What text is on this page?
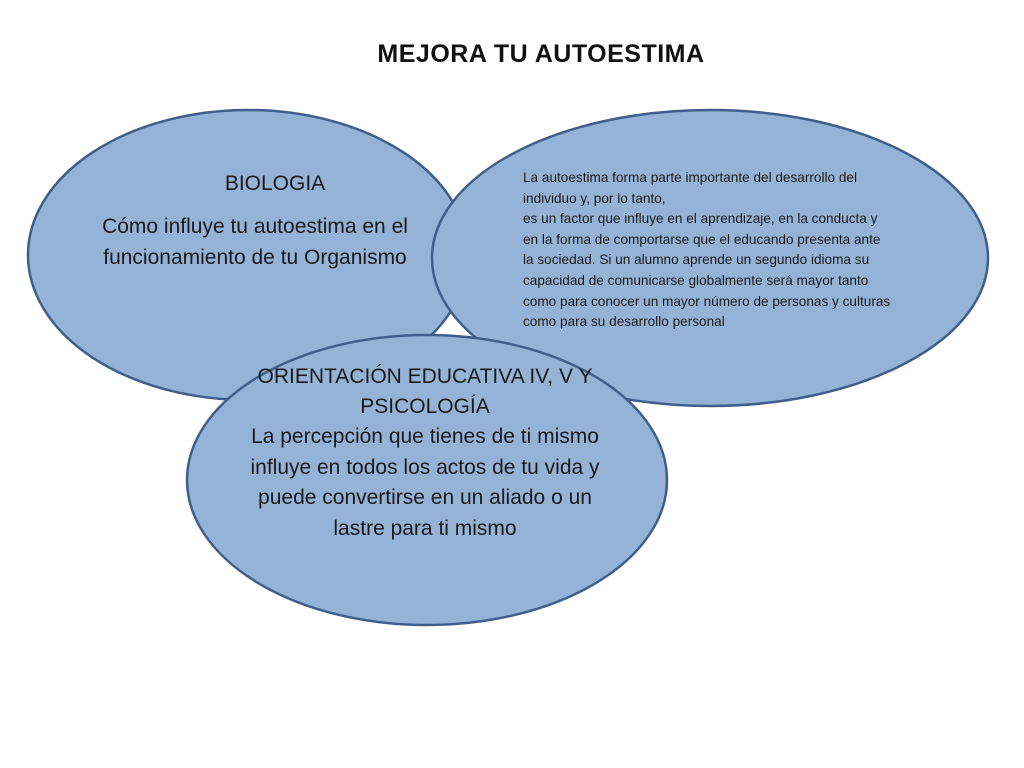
MEJORA TU AUTOESTIMA
BIOLOGIA
Cómo influye tu autoestima en el funcionamiento de tu Organismo
La autoestima forma parte importante del desarrollo del individuo y, por lo tanto,
es un factor que influye en el aprendizaje, en la conducta y en la forma de comportarse que el educando presenta ante la sociedad. Si un alumno aprende un segundo idioma su capacidad de comunicarse globalmente será mayor tanto como para conocer un mayor número de personas y culturas como para su desarrollo personal
ORIENTACIÓN EDUCATIVA IV, V Y PSICOLOGÍA
La percepción que tienes de ti mismo influye en todos los actos de tu vida y puede convertirse en un aliado o un lastre para ti mismo
